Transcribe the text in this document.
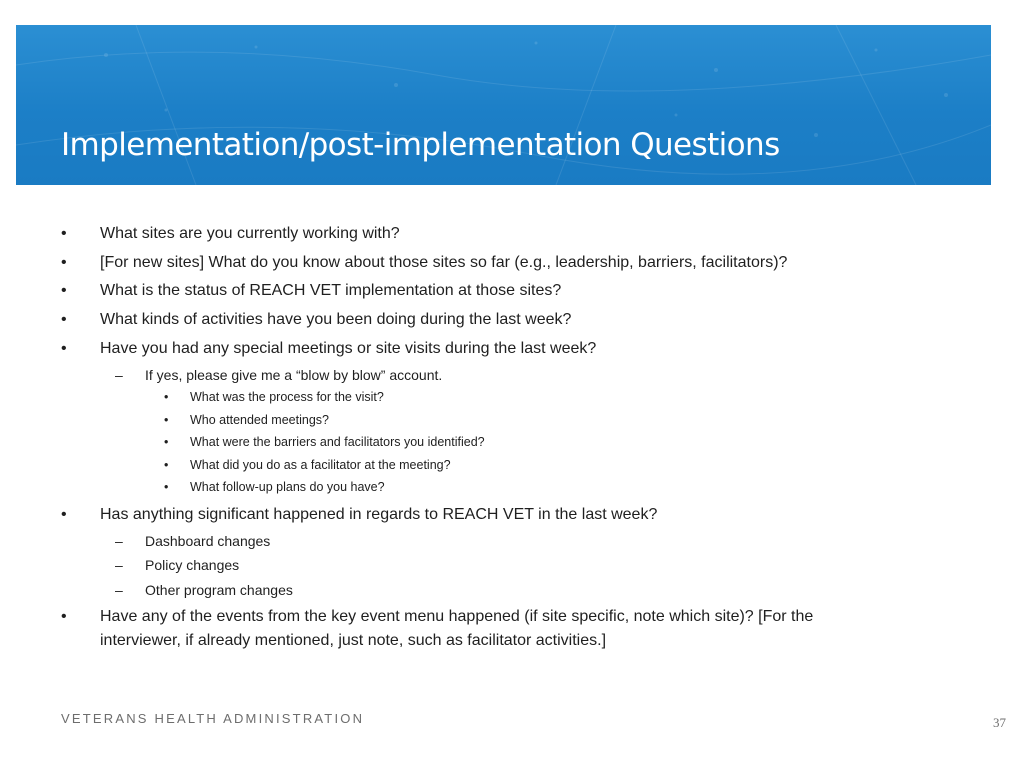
Implementation/post-implementation Questions
• What sites are you currently working with?
• [For new sites] What do you know about those sites so far (e.g., leadership, barriers, facilitators)?
• What is the status of REACH VET implementation at those sites?
• What kinds of activities have you been doing during the last week?
• Have you had any special meetings or site visits during the last week?
– If yes, please give me a “blow by blow” account.
• What was the process for the visit?
• Who attended meetings?
• What were the barriers and facilitators you identified?
• What did you do as a facilitator at the meeting?
• What follow-up plans do you have?
• Has anything significant happened in regards to REACH VET in the last week?
– Dashboard changes
– Policy changes
– Other program changes
• Have any of the events from the key event menu happened (if site specific, note which site)? [For the
interviewer, if already mentioned, just note, such as facilitator activities.]
VETERANS HEALTH ADMINISTRATION	37
